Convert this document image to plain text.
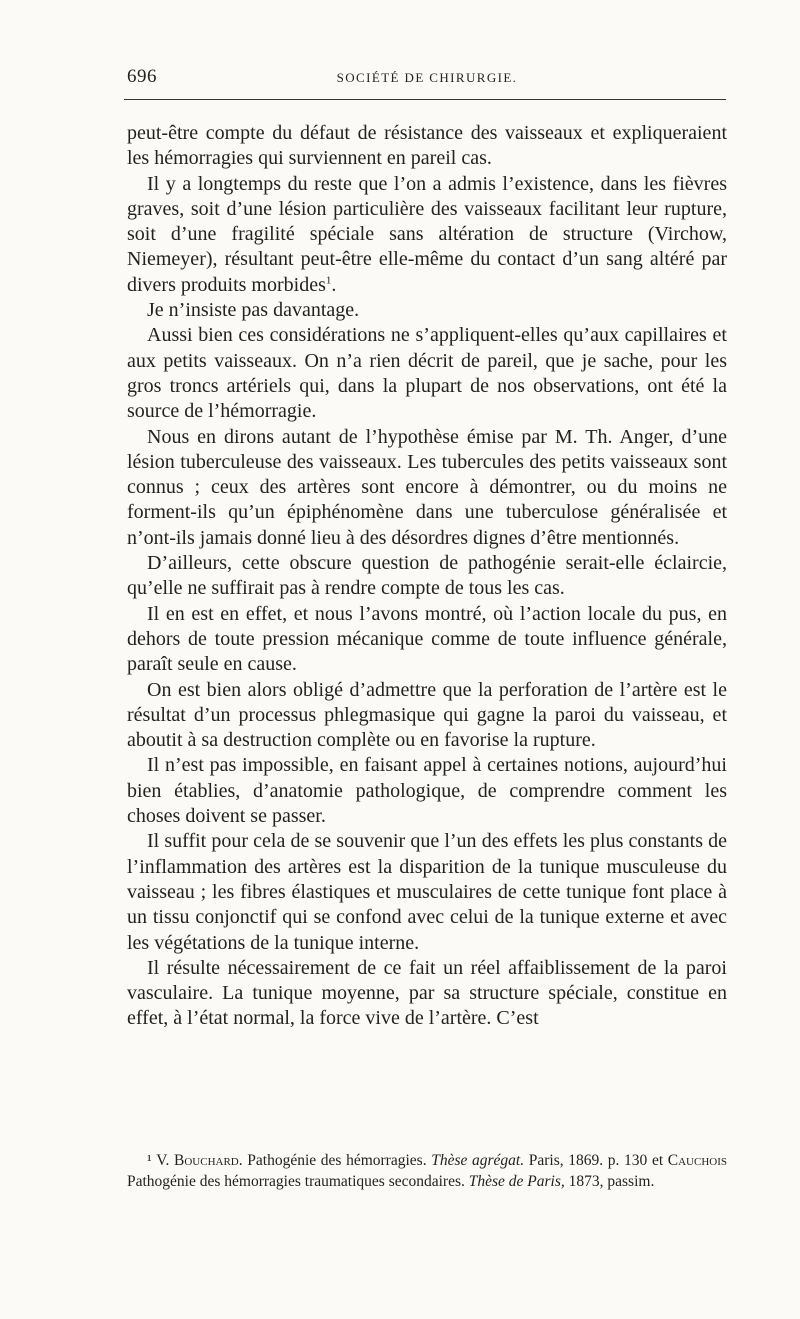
696	SOCIÉTÉ DE CHIRURGIE.

peut-être compte du défaut de résistance des vaisseaux et expliqueraient les hémorragies qui surviennent en pareil cas.

Il y a longtemps du reste que l’on a admis l’existence, dans les fièvres graves, soit d’une lésion particulière des vaisseaux facilitant leur rupture, soit d’une fragilité spéciale sans altération de structure (Virchow, Niemeyer), résultant peut-être elle-même du contact d’un sang altéré par divers produits morbides$^1$.

Je n’insiste pas davantage.

Aussi bien ces considérations ne s’appliquent-elles qu’aux capillaires et aux petits vaisseaux. On n’a rien décrit de pareil, que je sache, pour les gros troncs artériels qui, dans la plupart de nos observations, ont été la source de l’hémorragie.

Nous en dirons autant de l’hypothèse émise par M. Th. Anger, d’une lésion tuberculeuse des vaisseaux. Les tubercules des petits vaisseaux sont connus ; ceux des artères sont encore à démontrer, ou du moins ne forment-ils qu’un épiphénomène dans une tuberculose généralisée et n’ont-ils jamais donné lieu à des désordres dignes d’être mentionnés.

D’ailleurs, cette obscure question de pathogénie serait-elle éclaircie, qu’elle ne suffirait pas à rendre compte de tous les cas.

Il en est en effet, et nous l’avons montré, où l’action locale du pus, en dehors de toute pression mécanique comme de toute influence générale, paraît seule en cause.

On est bien alors obligé d’admettre que la perforation de l’artère est le résultat d’un processus phlegmasique qui gagne la paroi du vaisseau, et aboutit à sa destruction complète ou en favorise la rupture.

Il n’est pas impossible, en faisant appel à certaines notions, aujourd’hui bien établies, d’anatomie pathologique, de comprendre comment les choses doivent se passer.

Il suffit pour cela de se souvenir que l’un des effets les plus constants de l’inflammation des artères est la disparition de la tunique musculeuse du vaisseau ; les fibres élastiques et musculaires de cette tunique font place à un tissu conjonctif qui se confond avec celui de la tunique externe et avec les végétations de la tunique interne.

Il résulte nécessairement de ce fait un réel affaiblissement de la paroi vasculaire. La tunique moyenne, par sa structure spéciale, constitue en effet, à l’état normal, la force vive de l’artère. C’est

¹ V. Bouchard. Pathogénie des hémorragies. Thèse agrégat. Paris, 1869. p. 130 et Cauchois Pathogénie des hémorragies traumatiques secondaires. Thèse de Paris, 1873, passim.
